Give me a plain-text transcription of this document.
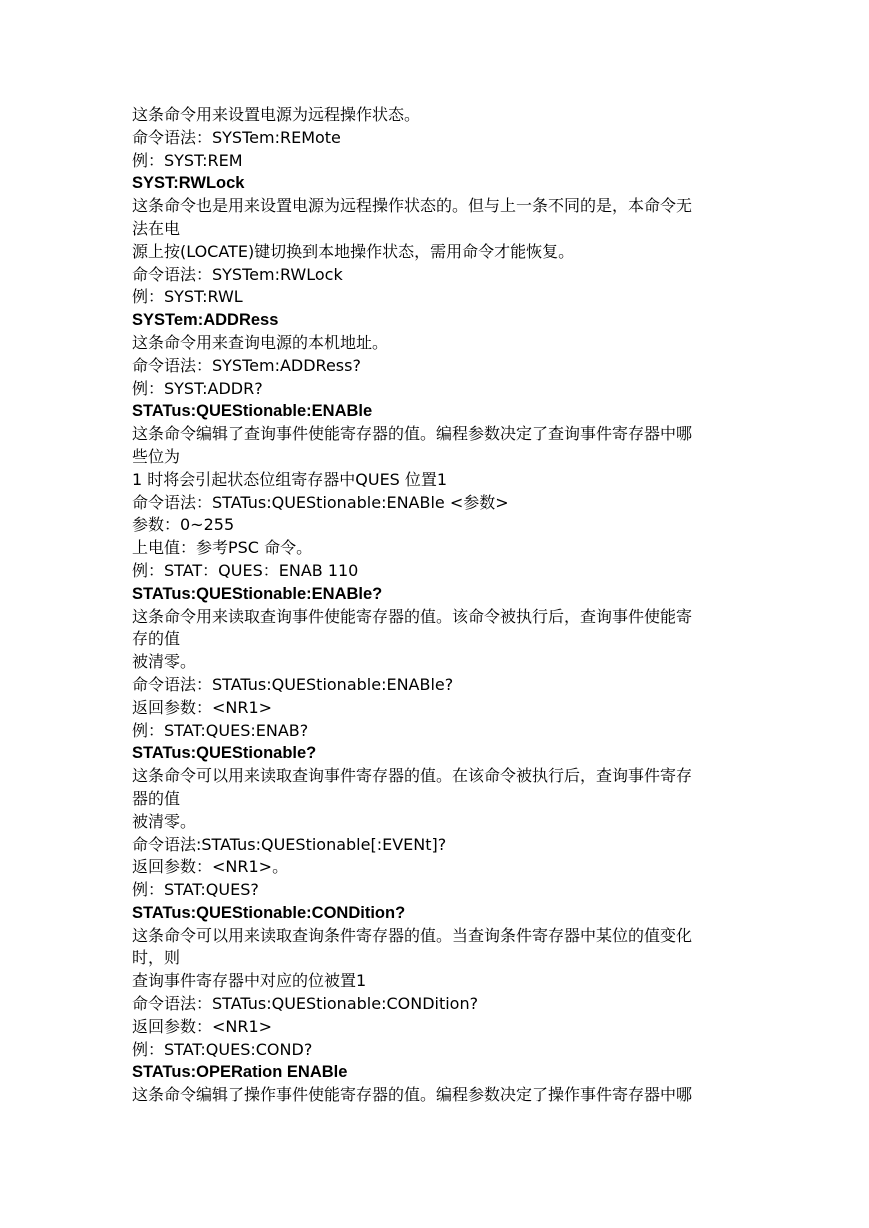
这条命令用来设置电源为远程操作状态。
命令语法：SYSTem:REMote
例：SYST:REM
SYST:RWLock
这条命令也是用来设置电源为远程操作状态的。但与上一条不同的是，本命令无
法在电
源上按(LOCATE)键切换到本地操作状态，需用命令才能恢复。
命令语法：SYSTem:RWLock
例：SYST:RWL
SYSTem:ADDRess
这条命令用来查询电源的本机地址。
命令语法：SYSTem:ADDRess?
例：SYST:ADDR?
STATus:QUEStionable:ENABle
这条命令编辑了查询事件使能寄存器的值。编程参数决定了查询事件寄存器中哪
些位为
1 时将会引起状态位组寄存器中QUES 位置1
命令语法：STATus:QUEStionable:ENABle <参数>
参数：0~255
上电值：参考PSC 命令。
例：STAT：QUES：ENAB 110
STATus:QUEStionable:ENABle?
这条命令用来读取查询事件使能寄存器的值。该命令被执行后，查询事件使能寄
存的值
被清零。
命令语法：STATus:QUEStionable:ENABle?
返回参数：<NR1>
例：STAT:QUES:ENAB?
STATus:QUEStionable?
这条命令可以用来读取查询事件寄存器的值。在该命令被执行后，查询事件寄存
器的值
被清零。
命令语法:STATus:QUEStionable[:EVENt]?
返回参数：<NR1>。
例：STAT:QUES?
STATus:QUEStionable:CONDition?
这条命令可以用来读取查询条件寄存器的值。当查询条件寄存器中某位的值变化
时，则
查询事件寄存器中对应的位被置1
命令语法：STATus:QUEStionable:CONDition?
返回参数：<NR1>
例：STAT:QUES:COND?
STATus:OPERation ENABle
这条命令编辑了操作事件使能寄存器的值。编程参数决定了操作事件寄存器中哪
